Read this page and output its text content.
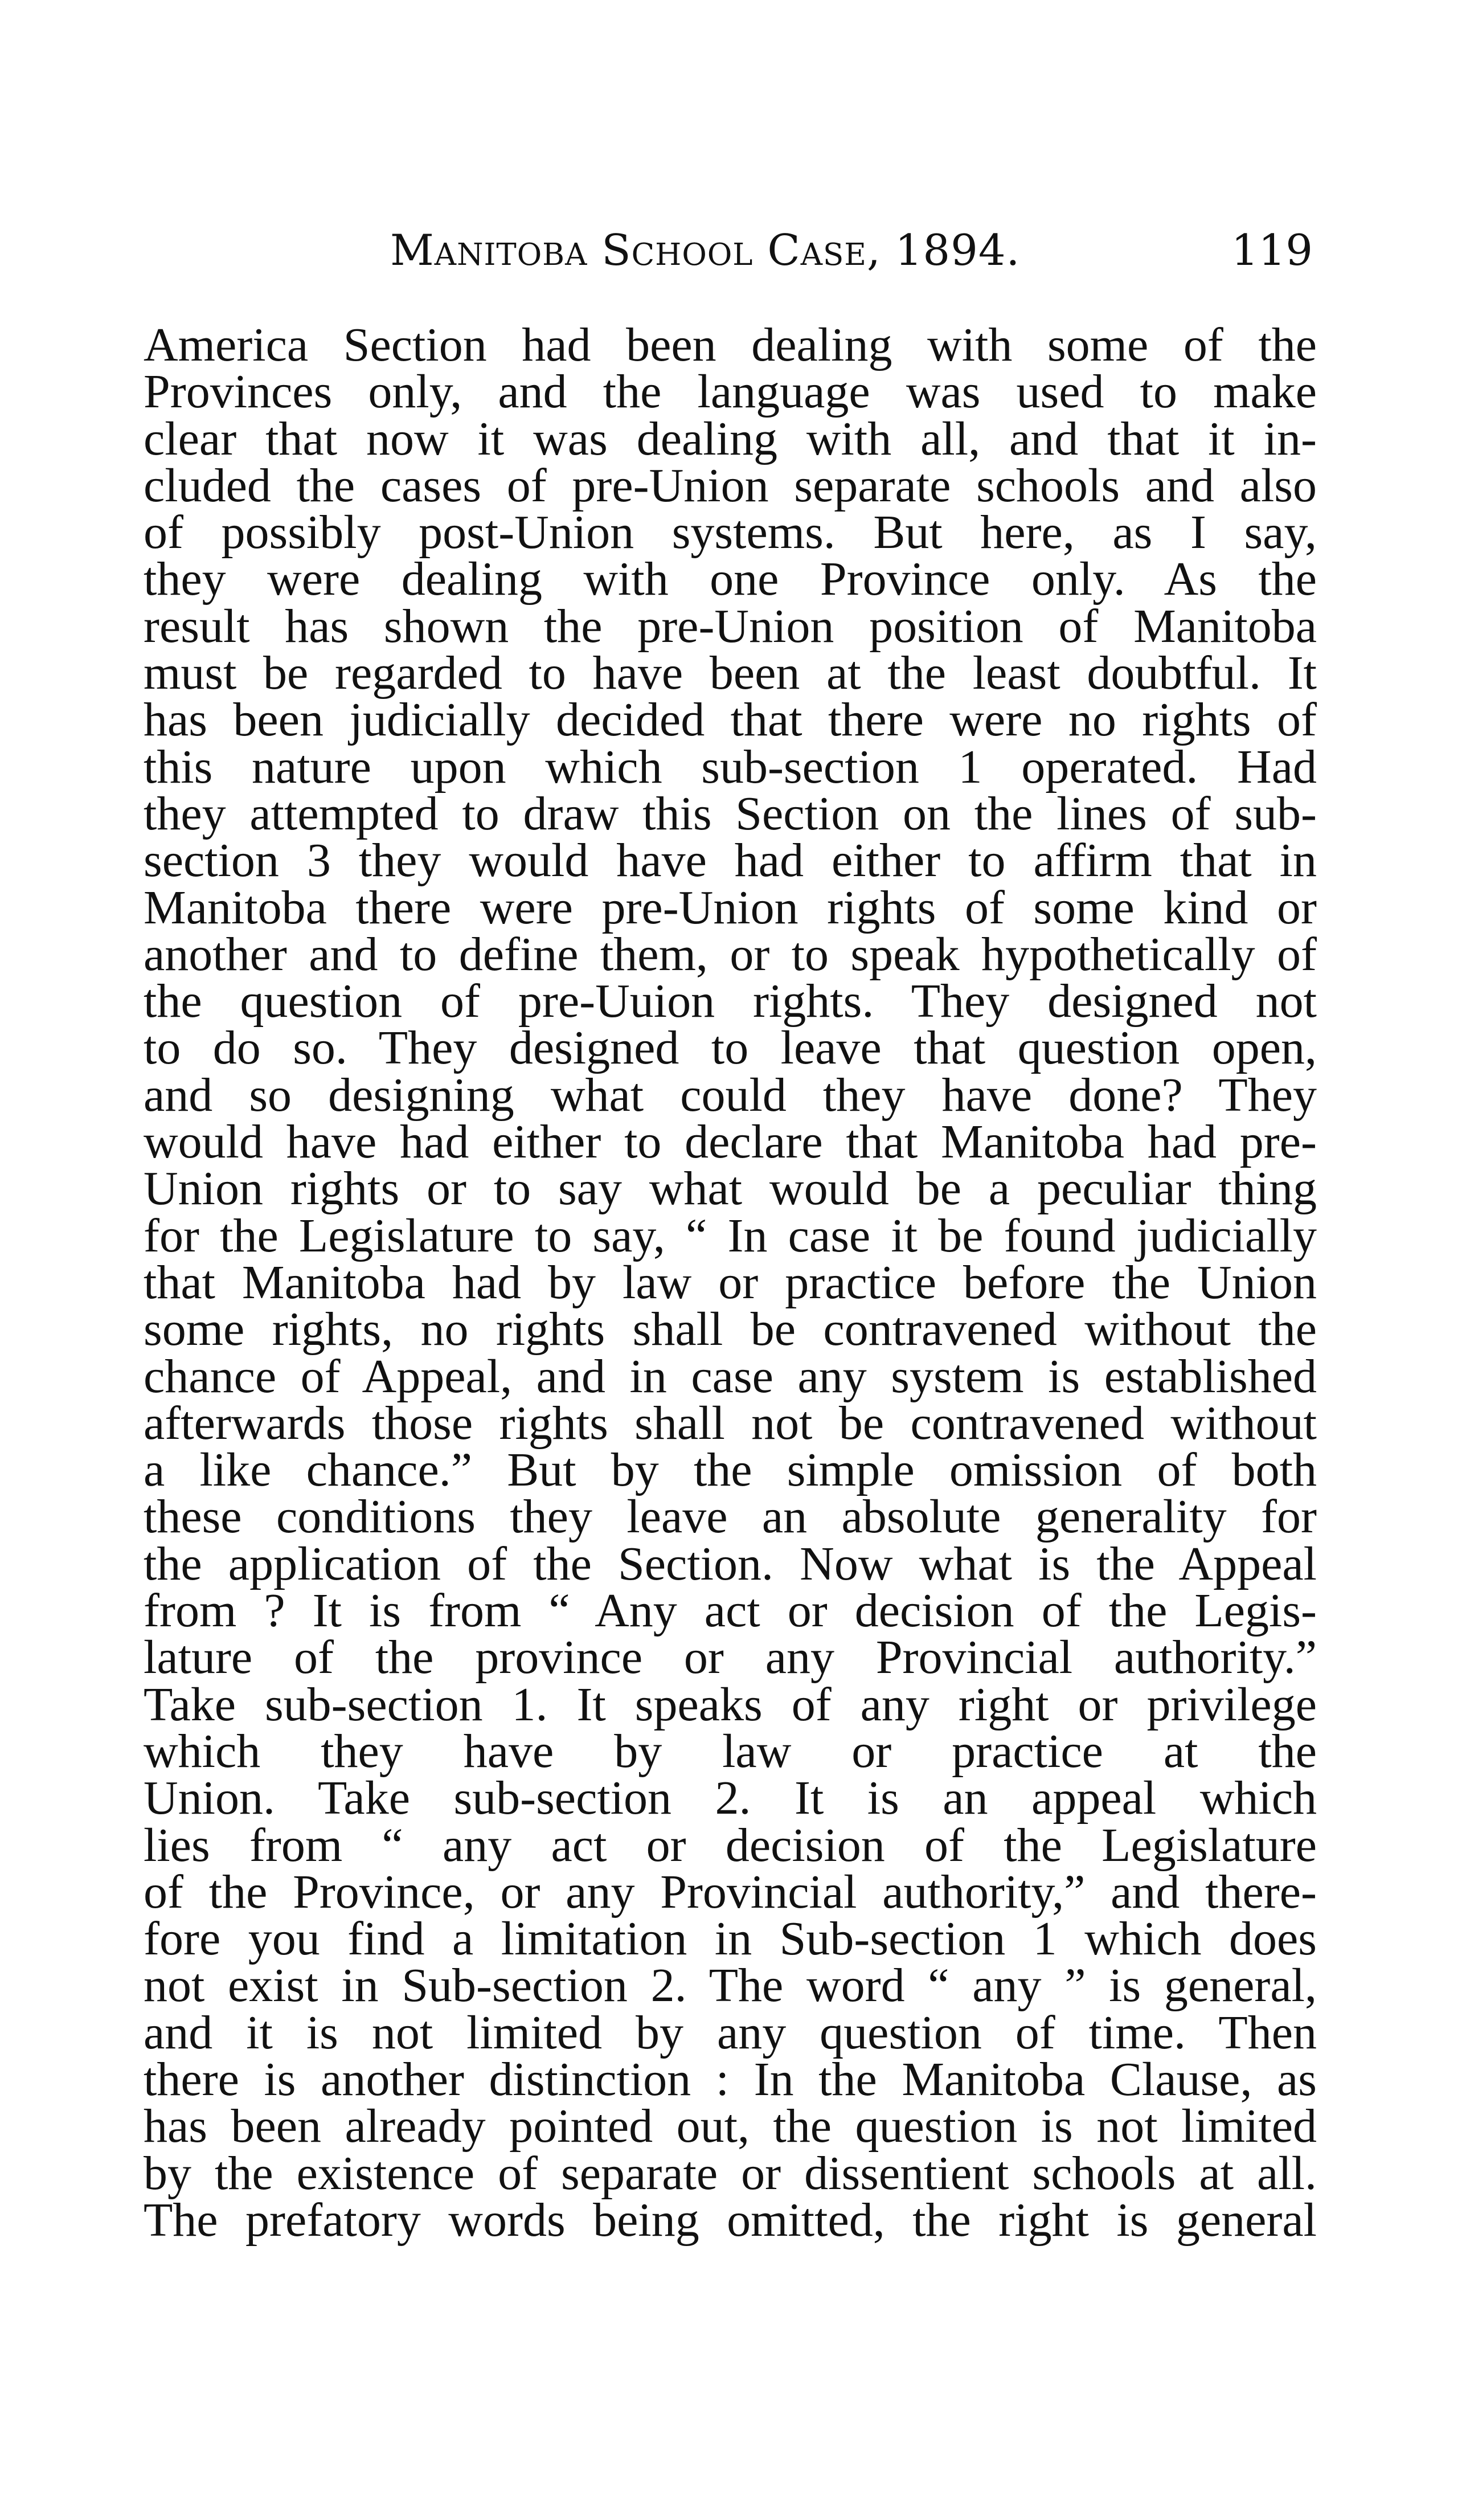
Manitoba School Case, 1894.	119
America Section had been dealing with some of the
Provinces only, and the language was used to make
clear that now it was dealing with all, and that it in-
cluded the cases of pre-Union separate schools and also
of possibly post-Union systems. But here, as I say,
they were dealing with one Province only. As the
result has shown the pre-Union position of Manitoba
must be regarded to have been at the least doubtful. It
has been judicially decided that there were no rights of
this nature upon which sub-section 1 operated. Had
they attempted to draw this Section on the lines of sub-
section 3 they would have had either to affirm that in
Manitoba there were pre-Union rights of some kind or
another and to define them, or to speak hypothetically of
the question of pre-Uuion rights. They designed not
to do so. They designed to leave that question open,
and so designing what could they have done? They
would have had either to declare that Manitoba had pre-
Union rights or to say what would be a peculiar thing
for the Legislature to say, “ In case it be found judicially
that Manitoba had by law or practice before the Union
some rights, no rights shall be contravened without the
chance of Appeal, and in case any system is established
afterwards those rights shall not be contravened without
a like chance.” But by the simple omission of both
these conditions they leave an absolute generality for
the application of the Section. Now what is the Appeal
from ? It is from “ Any act or decision of the Legis-
lature of the province or any Provincial authority.”
Take sub-section 1. It speaks of any right or privilege
which they have by law or practice at the
Union. Take sub-section 2. It is an appeal which
lies from “ any act or decision of the Legislature
of the Province, or any Provincial authority,” and there-
fore you find a limitation in Sub-section 1 which does
not exist in Sub-section 2. The word “ any ” is general,
and it is not limited by any question of time. Then
there is another distinction : In the Manitoba Clause, as
has been already pointed out, the question is not limited
by the existence of separate or dissentient schools at all.
The prefatory words being omitted, the right is general
